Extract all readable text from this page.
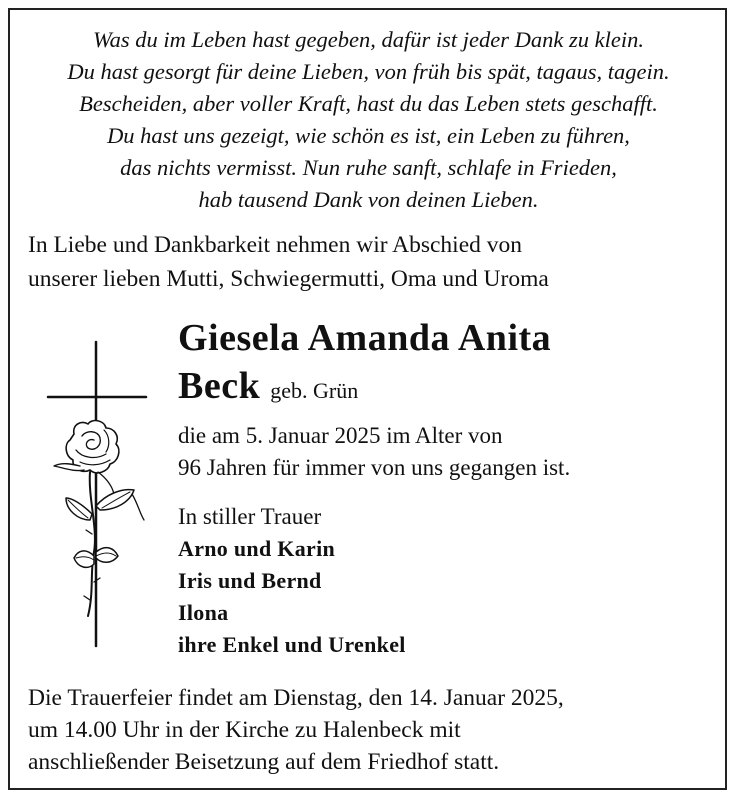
Was du im Leben hast gegeben, dafür ist jeder Dank zu klein.
Du hast gesorgt für deine Lieben, von früh bis spät, tagaus, tagein.
Bescheiden, aber voller Kraft, hast du das Leben stets geschafft.
Du hast uns gezeigt, wie schön es ist, ein Leben zu führen,
das nichts vermisst. Nun ruhe sanft, schlafe in Frieden,
hab tausend Dank von deinen Lieben.
In Liebe und Dankbarkeit nehmen wir Abschied von
unserer lieben Mutti, Schwiegermutti, Oma und Uroma
Giesela Amanda Anita
Beck geb. Grün
die am 5. Januar 2025 im Alter von
96 Jahren für immer von uns gegangen ist.
In stiller Trauer
Arno und Karin
Iris und Bernd
Ilona
ihre Enkel und Urenkel
Die Trauerfeier findet am Dienstag, den 14. Januar 2025,
um 14.00 Uhr in der Kirche zu Halenbeck mit
anschließender Beisetzung auf dem Friedhof statt.
